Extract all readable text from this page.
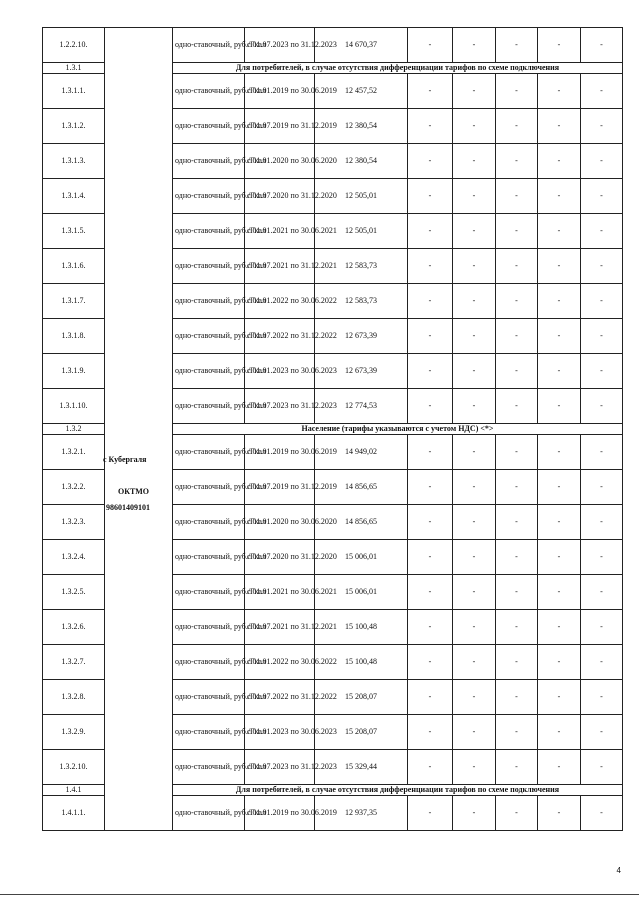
1.2.2.10.		одно-ставочный, руб./Гкал	с 01.07.2023 по 31.12.2023	14 670,37	-	-	-	-	-
1.3.1		Для потребителей, в случае отсутствия дифференциации тарифов по схеме подключения							
1.3.1.1.		одно-ставочный, руб./Гкал	с 01.01.2019 по 30.06.2019	12 457,52	-	-	-	-	-
1.3.1.2.		одно-ставочный, руб./Гкал	с 01.07.2019 по 31.12.2019	12 380,54	-	-	-	-	-
1.3.1.3.		одно-ставочный, руб./Гкал	с 01.01.2020 по 30.06.2020	12 380,54	-	-	-	-	-
1.3.1.4.		одно-ставочный, руб./Гкал	с 01.07.2020 по 31.12.2020	12 505,01	-	-	-	-	-
1.3.1.5.		одно-ставочный, руб./Гкал	с 01.01.2021 по 30.06.2021	12 505,01	-	-	-	-	-
1.3.1.6.		одно-ставочный, руб./Гкал	с 01.07.2021 по 31.12.2021	12 583,73	-	-	-	-	-
1.3.1.7.		одно-ставочный, руб./Гкал	с 01.01.2022 по 30.06.2022	12 583,73	-	-	-	-	-
1.3.1.8.		одно-ставочный, руб./Гкал	с 01.07.2022 по 31.12.2022	12 673,39	-	-	-	-	-
1.3.1.9.		одно-ставочный, руб./Гкал	с 01.01.2023 по 30.06.2023	12 673,39	-	-	-	-	-
1.3.1.10.		одно-ставочный, руб./Гкал	с 01.07.2023 по 31.12.2023	12 774,53	-	-	-	-	-
1.3.2		Население (тарифы указываются с учетом НДС) <*>							
1.3.2.1.		одно-ставочный, руб./Гкал	с 01.01.2019 по 30.06.2019	14 949,02	-	-	-	-	-
1.3.2.2.		одно-ставочный, руб./Гкал	с 01.07.2019 по 31.12.2019	14 856,65	-	-	-	-	-
1.3.2.3.		одно-ставочный, руб./Гкал	с 01.01.2020 по 30.06.2020	14 856,65	-	-	-	-	-
1.3.2.4.		одно-ставочный, руб./Гкал	с 01.07.2020 по 31.12.2020	15 006,01	-	-	-	-	-
1.3.2.5.		одно-ставочный, руб./Гкал	с 01.01.2021 по 30.06.2021	15 006,01	-	-	-	-	-
1.3.2.6.		одно-ставочный, руб./Гкал	с 01.07.2021 по 31.12.2021	15 100,48	-	-	-	-	-
1.3.2.7.		одно-ставочный, руб./Гкал	с 01.01.2022 по 30.06.2022	15 100,48	-	-	-	-	-
1.3.2.8.		одно-ставочный, руб./Гкал	с 01.07.2022 по 31.12.2022	15 208,07	-	-	-	-	-
1.3.2.9.		одно-ставочный, руб./Гкал	с 01.01.2023 по 30.06.2023	15 208,07	-	-	-	-	-
1.3.2.10.		одно-ставочный, руб./Гкал	с 01.07.2023 по 31.12.2023	15 329,44	-	-	-	-	-
1.4.1		Для потребителей, в случае отсутствия дифференциации тарифов по схеме подключения							
1.4.1.1.		одно-ставочный, руб./Гкал	с 01.01.2019 по 30.06.2019	12 937,35	-	-	-	-	-
с Кубергаля
ОКТМО
98601409101
4
